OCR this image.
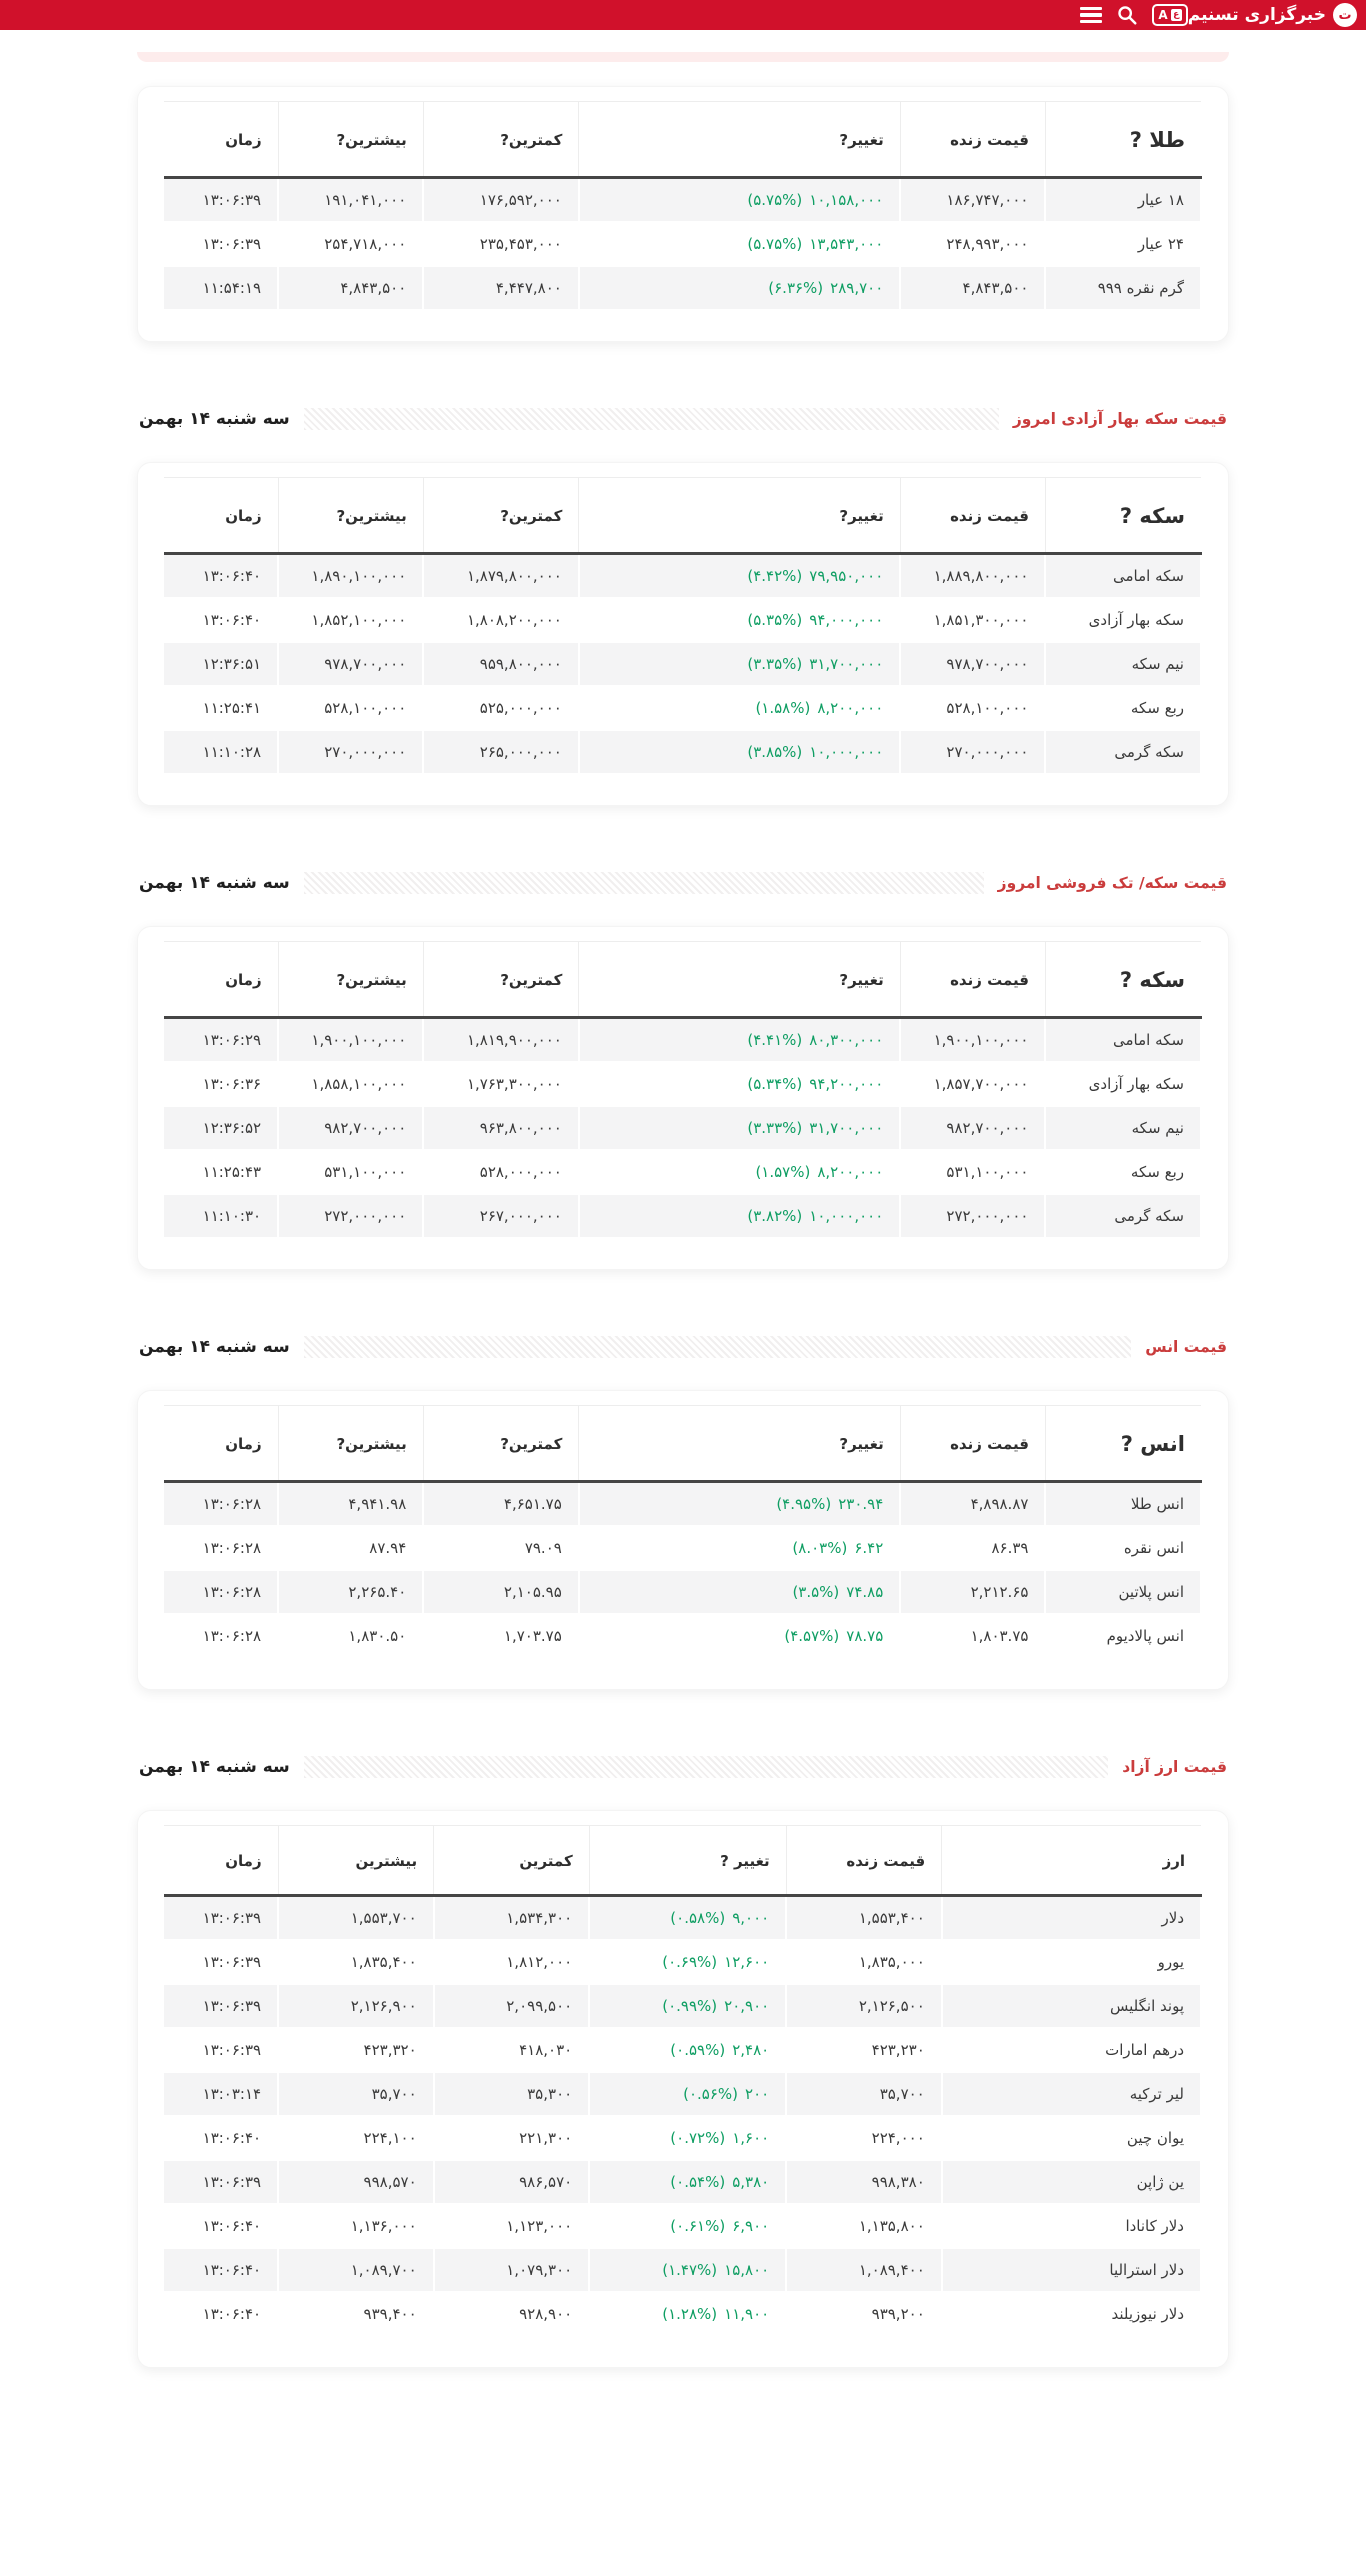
ت
خبرگزاری تسنیم
A ع
طلا ?	قیمت زنده	تغییر?	کمترین?	بیشترین?	زمان
۱۸ عیار	۱۸۶,۷۴۷,۰۰۰	(۵.۷۵%) ۱۰,۱۵۸,۰۰۰	۱۷۶,۵۹۲,۰۰۰	۱۹۱,۰۴۱,۰۰۰	۱۳:۰۶:۳۹
۲۴ عیار	۲۴۸,۹۹۳,۰۰۰	(۵.۷۵%) ۱۳,۵۴۳,۰۰۰	۲۳۵,۴۵۳,۰۰۰	۲۵۴,۷۱۸,۰۰۰	۱۳:۰۶:۳۹
گرم نقره ۹۹۹	۴,۸۴۳,۵۰۰	(۶.۳۶%) ۲۸۹,۷۰۰	۴,۴۴۷,۸۰۰	۴,۸۴۳,۵۰۰	۱۱:۵۴:۱۹
قیمت سکه بهار آزادی امروز
سه شنبه ۱۴ بهمن
سکه ?	قیمت زنده	تغییر?	کمترین?	بیشترین?	زمان
سکه امامی	۱,۸۸۹,۸۰۰,۰۰۰	(۴.۴۲%) ۷۹,۹۵۰,۰۰۰	۱,۸۷۹,۸۰۰,۰۰۰	۱,۸۹۰,۱۰۰,۰۰۰	۱۳:۰۶:۴۰
سکه بهار آزادی	۱,۸۵۱,۳۰۰,۰۰۰	(۵.۳۵%) ۹۴,۰۰۰,۰۰۰	۱,۸۰۸,۲۰۰,۰۰۰	۱,۸۵۲,۱۰۰,۰۰۰	۱۳:۰۶:۴۰
نیم سکه	۹۷۸,۷۰۰,۰۰۰	(۳.۳۵%) ۳۱,۷۰۰,۰۰۰	۹۵۹,۸۰۰,۰۰۰	۹۷۸,۷۰۰,۰۰۰	۱۲:۳۶:۵۱
ربع سکه	۵۲۸,۱۰۰,۰۰۰	(۱.۵۸%) ۸,۲۰۰,۰۰۰	۵۲۵,۰۰۰,۰۰۰	۵۲۸,۱۰۰,۰۰۰	۱۱:۲۵:۴۱
سکه گرمی	۲۷۰,۰۰۰,۰۰۰	(۳.۸۵%) ۱۰,۰۰۰,۰۰۰	۲۶۵,۰۰۰,۰۰۰	۲۷۰,۰۰۰,۰۰۰	۱۱:۱۰:۲۸
قیمت سکه/ تک فروشی امروز
سه شنبه ۱۴ بهمن
سکه ?	قیمت زنده	تغییر?	کمترین?	بیشترین?	زمان
سکه امامی	۱,۹۰۰,۱۰۰,۰۰۰	(۴.۴۱%) ۸۰,۳۰۰,۰۰۰	۱,۸۱۹,۹۰۰,۰۰۰	۱,۹۰۰,۱۰۰,۰۰۰	۱۳:۰۶:۲۹
سکه بهار آزادی	۱,۸۵۷,۷۰۰,۰۰۰	(۵.۳۴%) ۹۴,۲۰۰,۰۰۰	۱,۷۶۳,۳۰۰,۰۰۰	۱,۸۵۸,۱۰۰,۰۰۰	۱۳:۰۶:۳۶
نیم سکه	۹۸۲,۷۰۰,۰۰۰	(۳.۳۳%) ۳۱,۷۰۰,۰۰۰	۹۶۳,۸۰۰,۰۰۰	۹۸۲,۷۰۰,۰۰۰	۱۲:۳۶:۵۲
ربع سکه	۵۳۱,۱۰۰,۰۰۰	(۱.۵۷%) ۸,۲۰۰,۰۰۰	۵۲۸,۰۰۰,۰۰۰	۵۳۱,۱۰۰,۰۰۰	۱۱:۲۵:۴۳
سکه گرمی	۲۷۲,۰۰۰,۰۰۰	(۳.۸۲%) ۱۰,۰۰۰,۰۰۰	۲۶۷,۰۰۰,۰۰۰	۲۷۲,۰۰۰,۰۰۰	۱۱:۱۰:۳۰
قیمت انس
سه شنبه ۱۴ بهمن
انس ?	قیمت زنده	تغییر?	کمترین?	بیشترین?	زمان
انس طلا	۴,۸۹۸.۸۷	(۴.۹۵%) ۲۳۰.۹۴	۴,۶۵۱.۷۵	۴,۹۴۱.۹۸	۱۳:۰۶:۲۸
انس نقره	۸۶.۳۹	(۸.۰۳%) ۶.۴۲	۷۹.۰۹	۸۷.۹۴	۱۳:۰۶:۲۸
انس پلاتین	۲,۲۱۲.۶۵	(۳.۵%) ۷۴.۸۵	۲,۱۰۵.۹۵	۲,۲۶۵.۴۰	۱۳:۰۶:۲۸
انس پالادیوم	۱,۸۰۳.۷۵	(۴.۵۷%) ۷۸.۷۵	۱,۷۰۳.۷۵	۱,۸۳۰.۵۰	۱۳:۰۶:۲۸
قیمت ارز آزاد
سه شنبه ۱۴ بهمن
ارز	قیمت زنده	تغییر ?	کمترین	بیشترین	زمان
دلار	۱,۵۵۳,۴۰۰	(۰.۵۸%) ۹,۰۰۰	۱,۵۳۴,۳۰۰	۱,۵۵۳,۷۰۰	۱۳:۰۶:۳۹
یورو	۱,۸۳۵,۰۰۰	(۰.۶۹%) ۱۲,۶۰۰	۱,۸۱۲,۰۰۰	۱,۸۳۵,۴۰۰	۱۳:۰۶:۳۹
پوند انگلیس	۲,۱۲۶,۵۰۰	(۰.۹۹%) ۲۰,۹۰۰	۲,۰۹۹,۵۰۰	۲,۱۲۶,۹۰۰	۱۳:۰۶:۳۹
درهم امارات	۴۲۳,۲۳۰	(۰.۵۹%) ۲,۴۸۰	۴۱۸,۰۳۰	۴۲۳,۳۲۰	۱۳:۰۶:۳۹
لیر ترکیه	۳۵,۷۰۰	(۰.۵۶%) ۲۰۰	۳۵,۳۰۰	۳۵,۷۰۰	۱۳:۰۳:۱۴
یوان چین	۲۲۴,۰۰۰	(۰.۷۲%) ۱,۶۰۰	۲۲۱,۳۰۰	۲۲۴,۱۰۰	۱۳:۰۶:۴۰
ین ژاپن	۹۹۸,۳۸۰	(۰.۵۴%) ۵,۳۸۰	۹۸۶,۵۷۰	۹۹۸,۵۷۰	۱۳:۰۶:۳۹
دلار کانادا	۱,۱۳۵,۸۰۰	(۰.۶۱%) ۶,۹۰۰	۱,۱۲۳,۰۰۰	۱,۱۳۶,۰۰۰	۱۳:۰۶:۴۰
دلار استرالیا	۱,۰۸۹,۴۰۰	(۱.۴۷%) ۱۵,۸۰۰	۱,۰۷۹,۳۰۰	۱,۰۸۹,۷۰۰	۱۳:۰۶:۴۰
دلار نیوزیلند	۹۳۹,۲۰۰	(۱.۲۸%) ۱۱,۹۰۰	۹۲۸,۹۰۰	۹۳۹,۴۰۰	۱۳:۰۶:۴۰
